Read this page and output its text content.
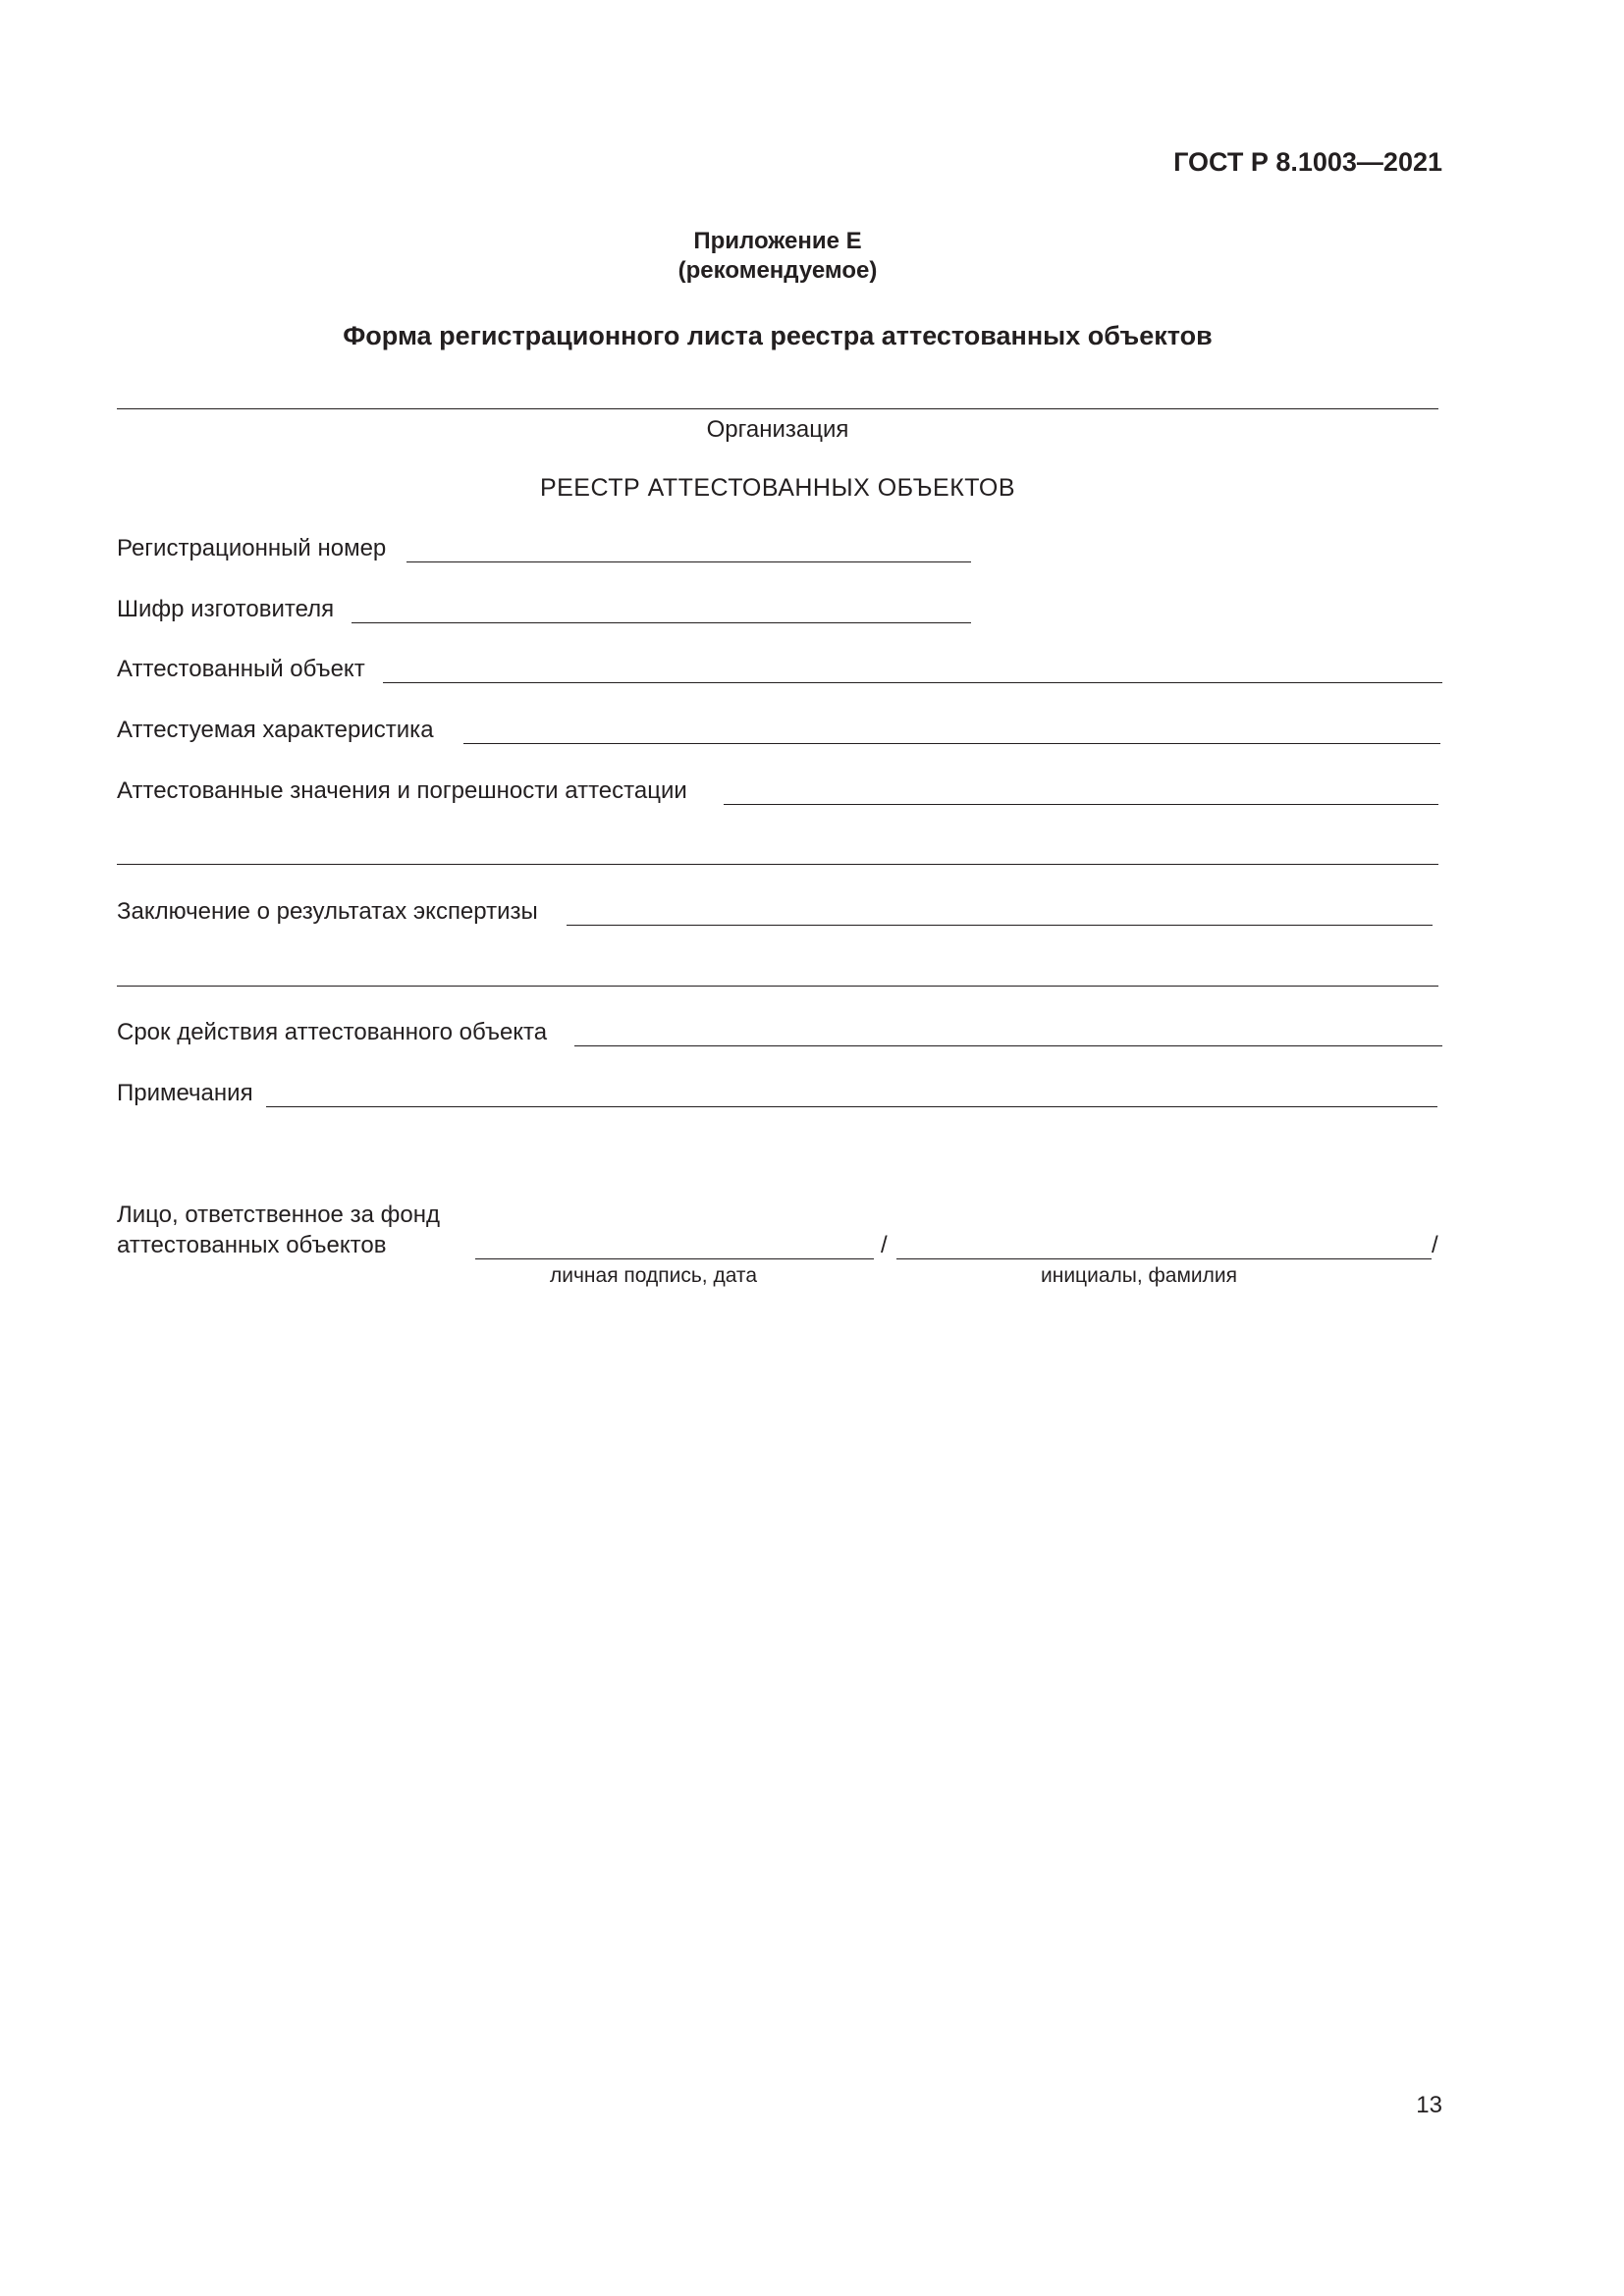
ГОСТ Р 8.1003—2021
Приложение Е
(рекомендуемое)
Форма регистрационного листа реестра аттестованных объектов
Организация
РЕЕСТР АТТЕСТОВАННЫХ ОБЪЕКТОВ
Регистрационный номер
Шифр изготовителя
Аттестованный объект
Аттестуемая характеристика
Аттестованные значения и погрешности аттестации
Заключение о результатах экспертизы
Срок действия аттестованного объекта
Примечания
Лицо, ответственное за фонд
аттестованных объектов	/	/
личная подпись, дата	инициалы, фамилия
13
